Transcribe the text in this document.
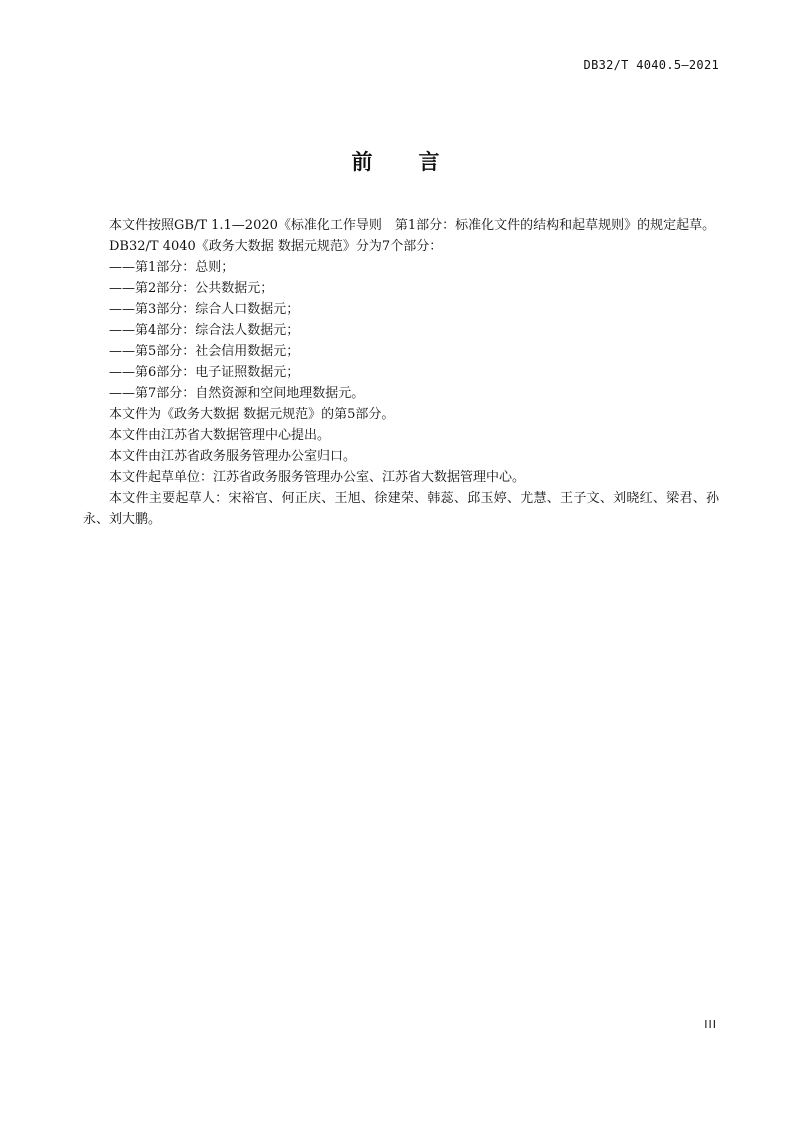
DB32/T 4040.5—2021
前 言

本文件按照GB/T 1.1—2020《标准化工作导则　第1部分：标准化文件的结构和起草规则》的规定起草。

DB32/T 4040《政务大数据 数据元规范》分为7个部分：

——第1部分：总则；

——第2部分：公共数据元；

——第3部分：综合人口数据元；

——第4部分：综合法人数据元；

——第5部分：社会信用数据元；

——第6部分：电子证照数据元；

——第7部分：自然资源和空间地理数据元。

本文件为《政务大数据 数据元规范》的第5部分。

本文件由江苏省大数据管理中心提出。

本文件由江苏省政务服务管理办公室归口。

本文件起草单位：江苏省政务服务管理办公室、江苏省大数据管理中心。

本文件主要起草人：宋裕官、何正庆、王旭、徐建荣、韩蕊、邱玉婷、尤慧、王子文、刘晓红、梁君、孙永、刘大鹏。

III
